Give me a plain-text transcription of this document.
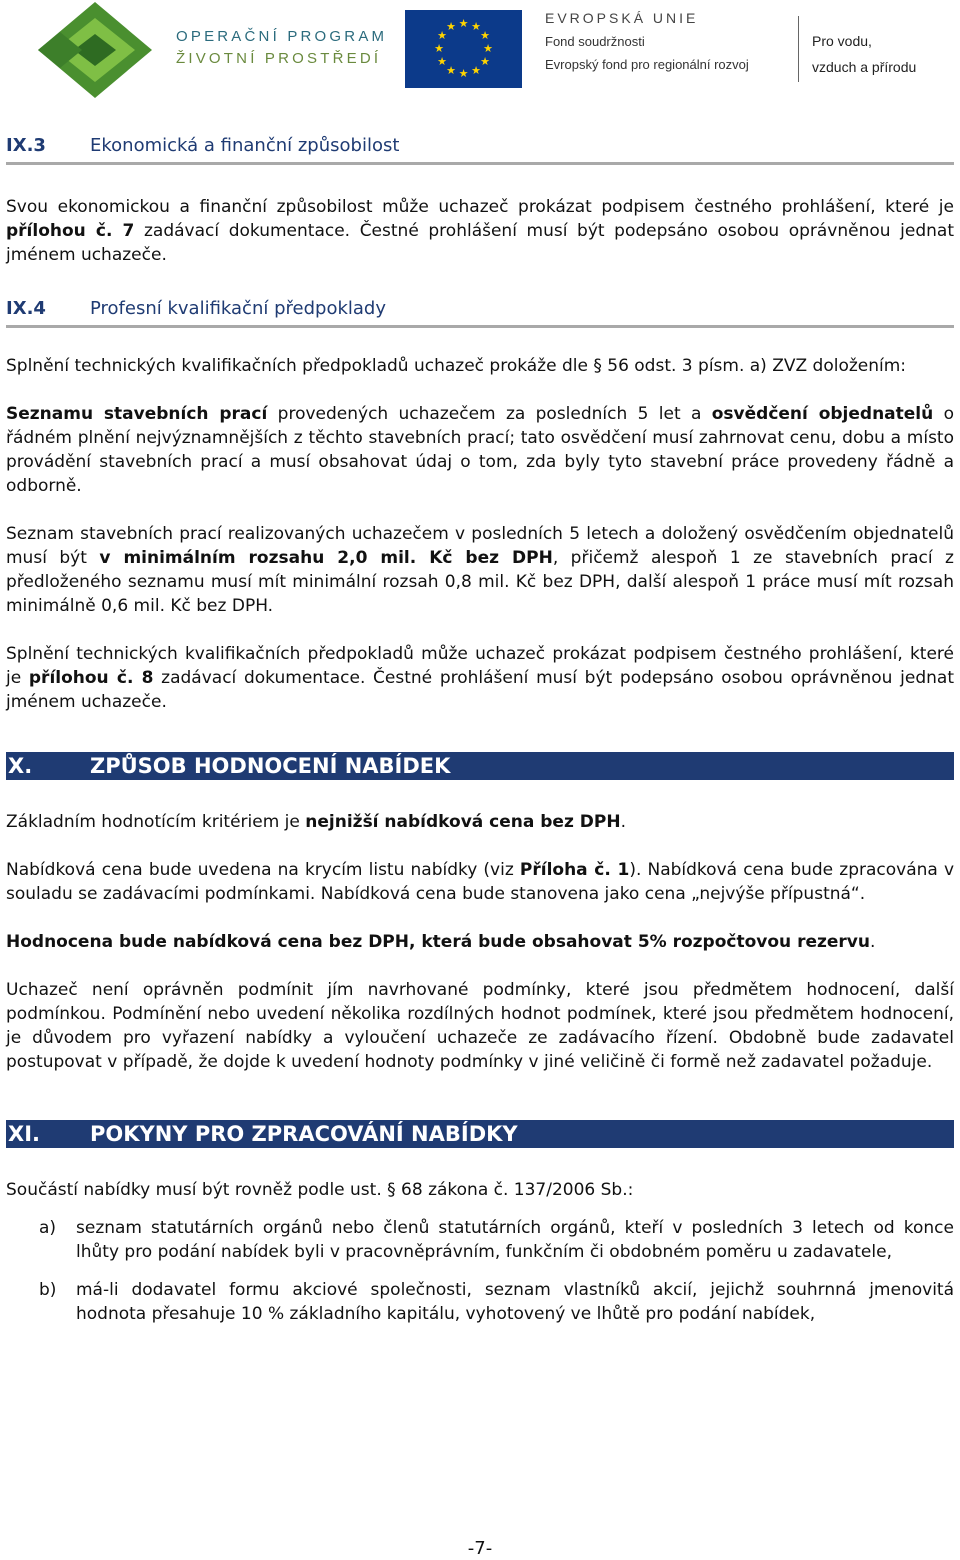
OPERAČNÍ PROGRAM
ŽIVOTNÍ PROSTŘEDÍ
★ ★
★
★
★
★
★
★
★
★
★
★
EVROPSKÁ UNIE
Fond soudržnosti
Evropský fond pro regionální rozvoj
Pro vodu,
vzduch a přírodu
IX.3	Ekonomická a finanční způsobilost

Svou ekonomickou a finanční způsobilost může uchazeč prokázat podpisem čestného prohlášení, které je přílohou č. 7 zadávací dokumentace. Čestné prohlášení musí být podepsáno osobou oprávněnou jednat jménem uchazeče.

IX.4	Profesní kvalifikační předpoklady

Splnění technických kvalifikačních předpokladů uchazeč prokáže dle § 56 odst. 3 písm. a) ZVZ doložením:

Seznamu stavebních prací provedených uchazečem za posledních 5 let a osvědčení objednatelů o řádném plnění nejvýznamnějších z těchto stavebních prací; tato osvědčení musí zahrnovat cenu, dobu a místo provádění stavebních prací a musí obsahovat údaj o tom, zda byly tyto stavební práce provedeny řádně a odborně.

Seznam stavebních prací realizovaných uchazečem v posledních 5 letech a doložený osvědčením objednatelů musí být v minimálním rozsahu 2,0 mil. Kč bez DPH, přičemž alespoň 1 ze stavebních prací z předloženého seznamu musí mít minimální rozsah 0,8 mil. Kč bez DPH, další alespoň 1 práce musí mít rozsah minimálně 0,6 mil. Kč bez DPH.

Splnění technických kvalifikačních předpokladů může uchazeč prokázat podpisem čestného prohlášení, které je přílohou č. 8 zadávací dokumentace. Čestné prohlášení musí být podepsáno osobou oprávněnou jednat jménem uchazeče.

X.	ZPŮSOB HODNOCENÍ NABÍDEK

Základním hodnotícím kritériem je nejnižší nabídková cena bez DPH.

Nabídková cena bude uvedena na krycím listu nabídky (viz Příloha č. 1). Nabídková cena bude zpracována v souladu se zadávacími podmínkami. Nabídková cena bude stanovena jako cena „nejvýše přípustná“.

Hodnocena bude nabídková cena bez DPH, která bude obsahovat 5% rozpočtovou rezervu.

Uchazeč není oprávněn podmínit jím navrhované podmínky, které jsou předmětem hodnocení, další podmínkou. Podmínění nebo uvedení několika rozdílných hodnot podmínek, které jsou předmětem hodnocení, je důvodem pro vyřazení nabídky a vyloučení uchazeče ze zadávacího řízení. Obdobně bude zadavatel postupovat v případě, že dojde k uvedení hodnoty podmínky v jiné veličině či formě než zadavatel požaduje.

XI.	POKYNY PRO ZPRACOVÁNÍ NABÍDKY

Součástí nabídky musí být rovněž podle ust. § 68 zákona č. 137/2006 Sb.:

a)	seznam statutárních orgánů nebo členů statutárních orgánů, kteří v posledních 3 letech od konce lhůty pro podání nabídek byli v pracovněprávním, funkčním či obdobném poměru u zadavatele,
b)	má-li dodavatel formu akciové společnosti, seznam vlastníků akcií, jejichž souhrnná jmenovitá hodnota přesahuje 10 % základního kapitálu, vyhotovený ve lhůtě pro podání nabídek,
-7-
